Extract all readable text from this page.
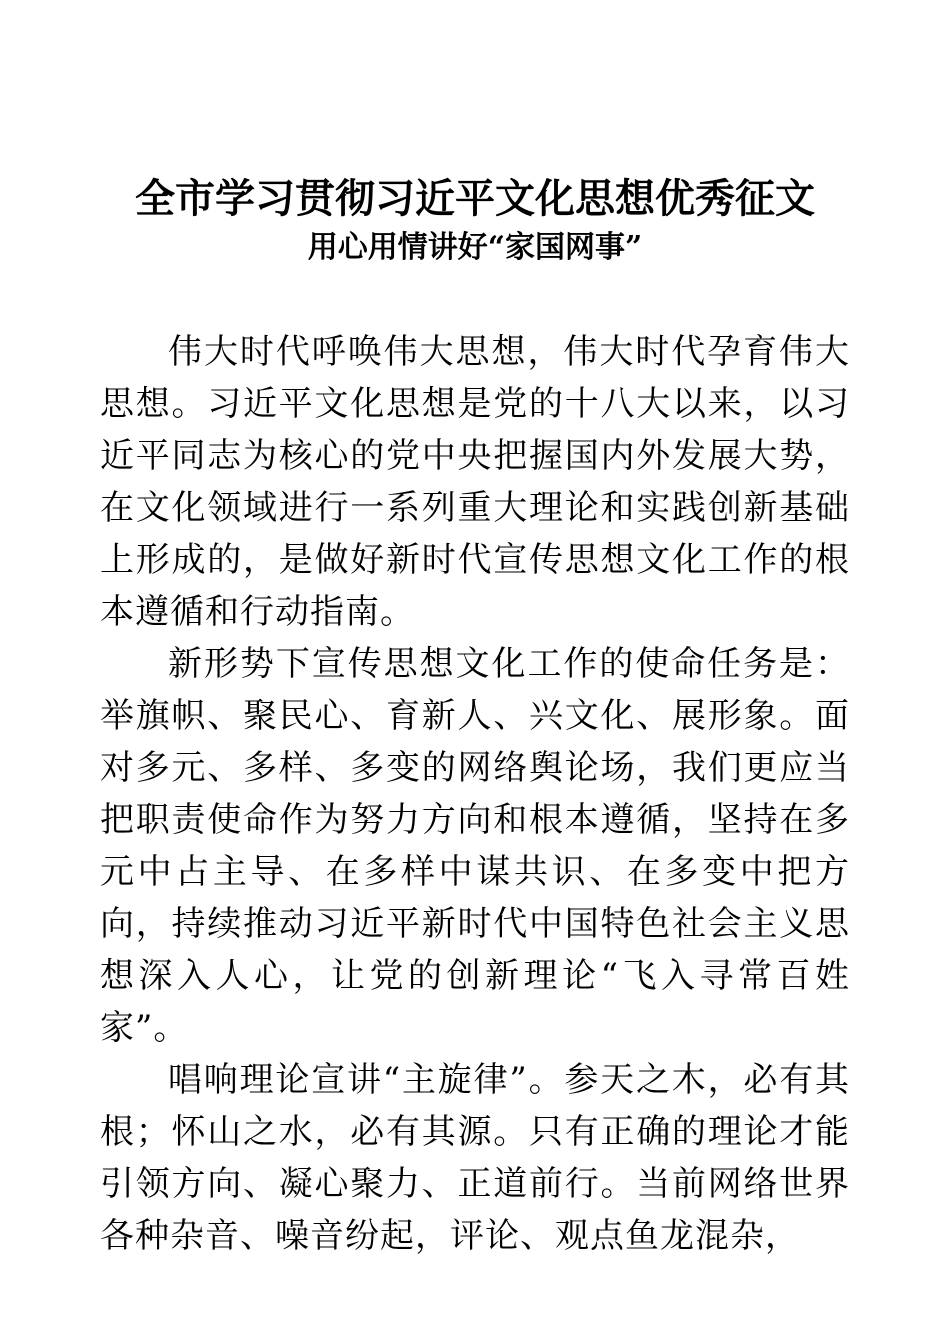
全市学习贯彻习近平文化思想优秀征文
用心用情讲好“家国网事”

伟大时代呼唤伟大思想，伟大时代孕育伟大思想。习近平文化思想是党的十八大以来，以习近平同志为核心的党中央把握国内外发展大势，在文化领域进行一系列重大理论和实践创新基础上形成的，是做好新时代宣传思想文化工作的根本遵循和行动指南。

新形势下宣传思想文化工作的使命任务是：举旗帜、聚民心、育新人、兴文化、展形象。面对多元、多样、多变的网络舆论场，我们更应当把职责使命作为努力方向和根本遵循，坚持在多元中占主导、在多样中谋共识、在多变中把方向，持续推动习近平新时代中国特色社会主义思想深入人心，让党的创新理论“飞入寻常百姓家”。

唱响理论宣讲“主旋律”。参天之木，必有其根；怀山之水，必有其源。只有正确的理论才能引领方向、凝心聚力、正道前行。当前网络世界各种杂音、噪音纷起，评论、观点鱼龙混杂，
